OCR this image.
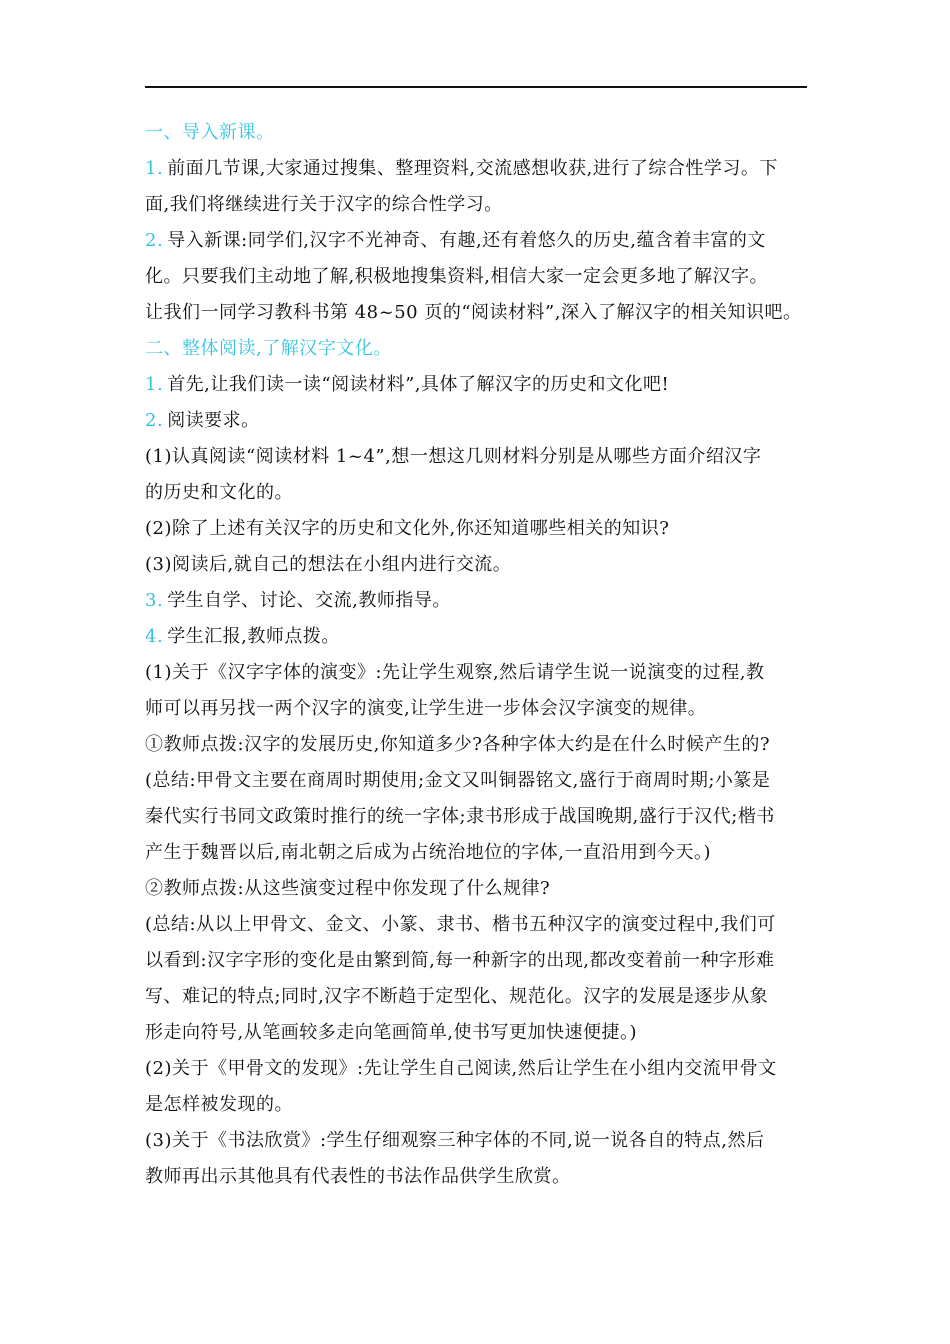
一、导入新课。
1. 前面几节课,大家通过搜集、整理资料,交流感想收获,进行了综合性学习。下
面,我们将继续进行关于汉字的综合性学习。
2. 导入新课:同学们,汉字不光神奇、有趣,还有着悠久的历史,蕴含着丰富的文
化。只要我们主动地了解,积极地搜集资料,相信大家一定会更多地了解汉字。
让我们一同学习教科书第 48~50 页的“阅读材料”,深入了解汉字的相关知识吧。
二、整体阅读,了解汉字文化。
1. 首先,让我们读一读“阅读材料”,具体了解汉字的历史和文化吧!
2. 阅读要求。
(1)认真阅读“阅读材料 1~4”,想一想这几则材料分别是从哪些方面介绍汉字
的历史和文化的。
(2)除了上述有关汉字的历史和文化外,你还知道哪些相关的知识?
(3)阅读后,就自己的想法在小组内进行交流。
3. 学生自学、讨论、交流,教师指导。
4. 学生汇报,教师点拨。
(1)关于《汉字字体的演变》:先让学生观察,然后请学生说一说演变的过程,教
师可以再另找一两个汉字的演变,让学生进一步体会汉字演变的规律。
①教师点拨:汉字的发展历史,你知道多少?各种字体大约是在什么时候产生的?
(总结:甲骨文主要在商周时期使用;金文又叫铜器铭文,盛行于商周时期;小篆是
秦代实行书同文政策时推行的统一字体;隶书形成于战国晚期,盛行于汉代;楷书
产生于魏晋以后,南北朝之后成为占统治地位的字体,一直沿用到今天。)
②教师点拨:从这些演变过程中你发现了什么规律?
(总结:从以上甲骨文、金文、小篆、隶书、楷书五种汉字的演变过程中,我们可
以看到:汉字字形的变化是由繁到简,每一种新字的出现,都改变着前一种字形难
写、难记的特点;同时,汉字不断趋于定型化、规范化。汉字的发展是逐步从象
形走向符号,从笔画较多走向笔画简单,使书写更加快速便捷。)
(2)关于《甲骨文的发现》:先让学生自己阅读,然后让学生在小组内交流甲骨文
是怎样被发现的。
(3)关于《书法欣赏》:学生仔细观察三种字体的不同,说一说各自的特点,然后
教师再出示其他具有代表性的书法作品供学生欣赏。
